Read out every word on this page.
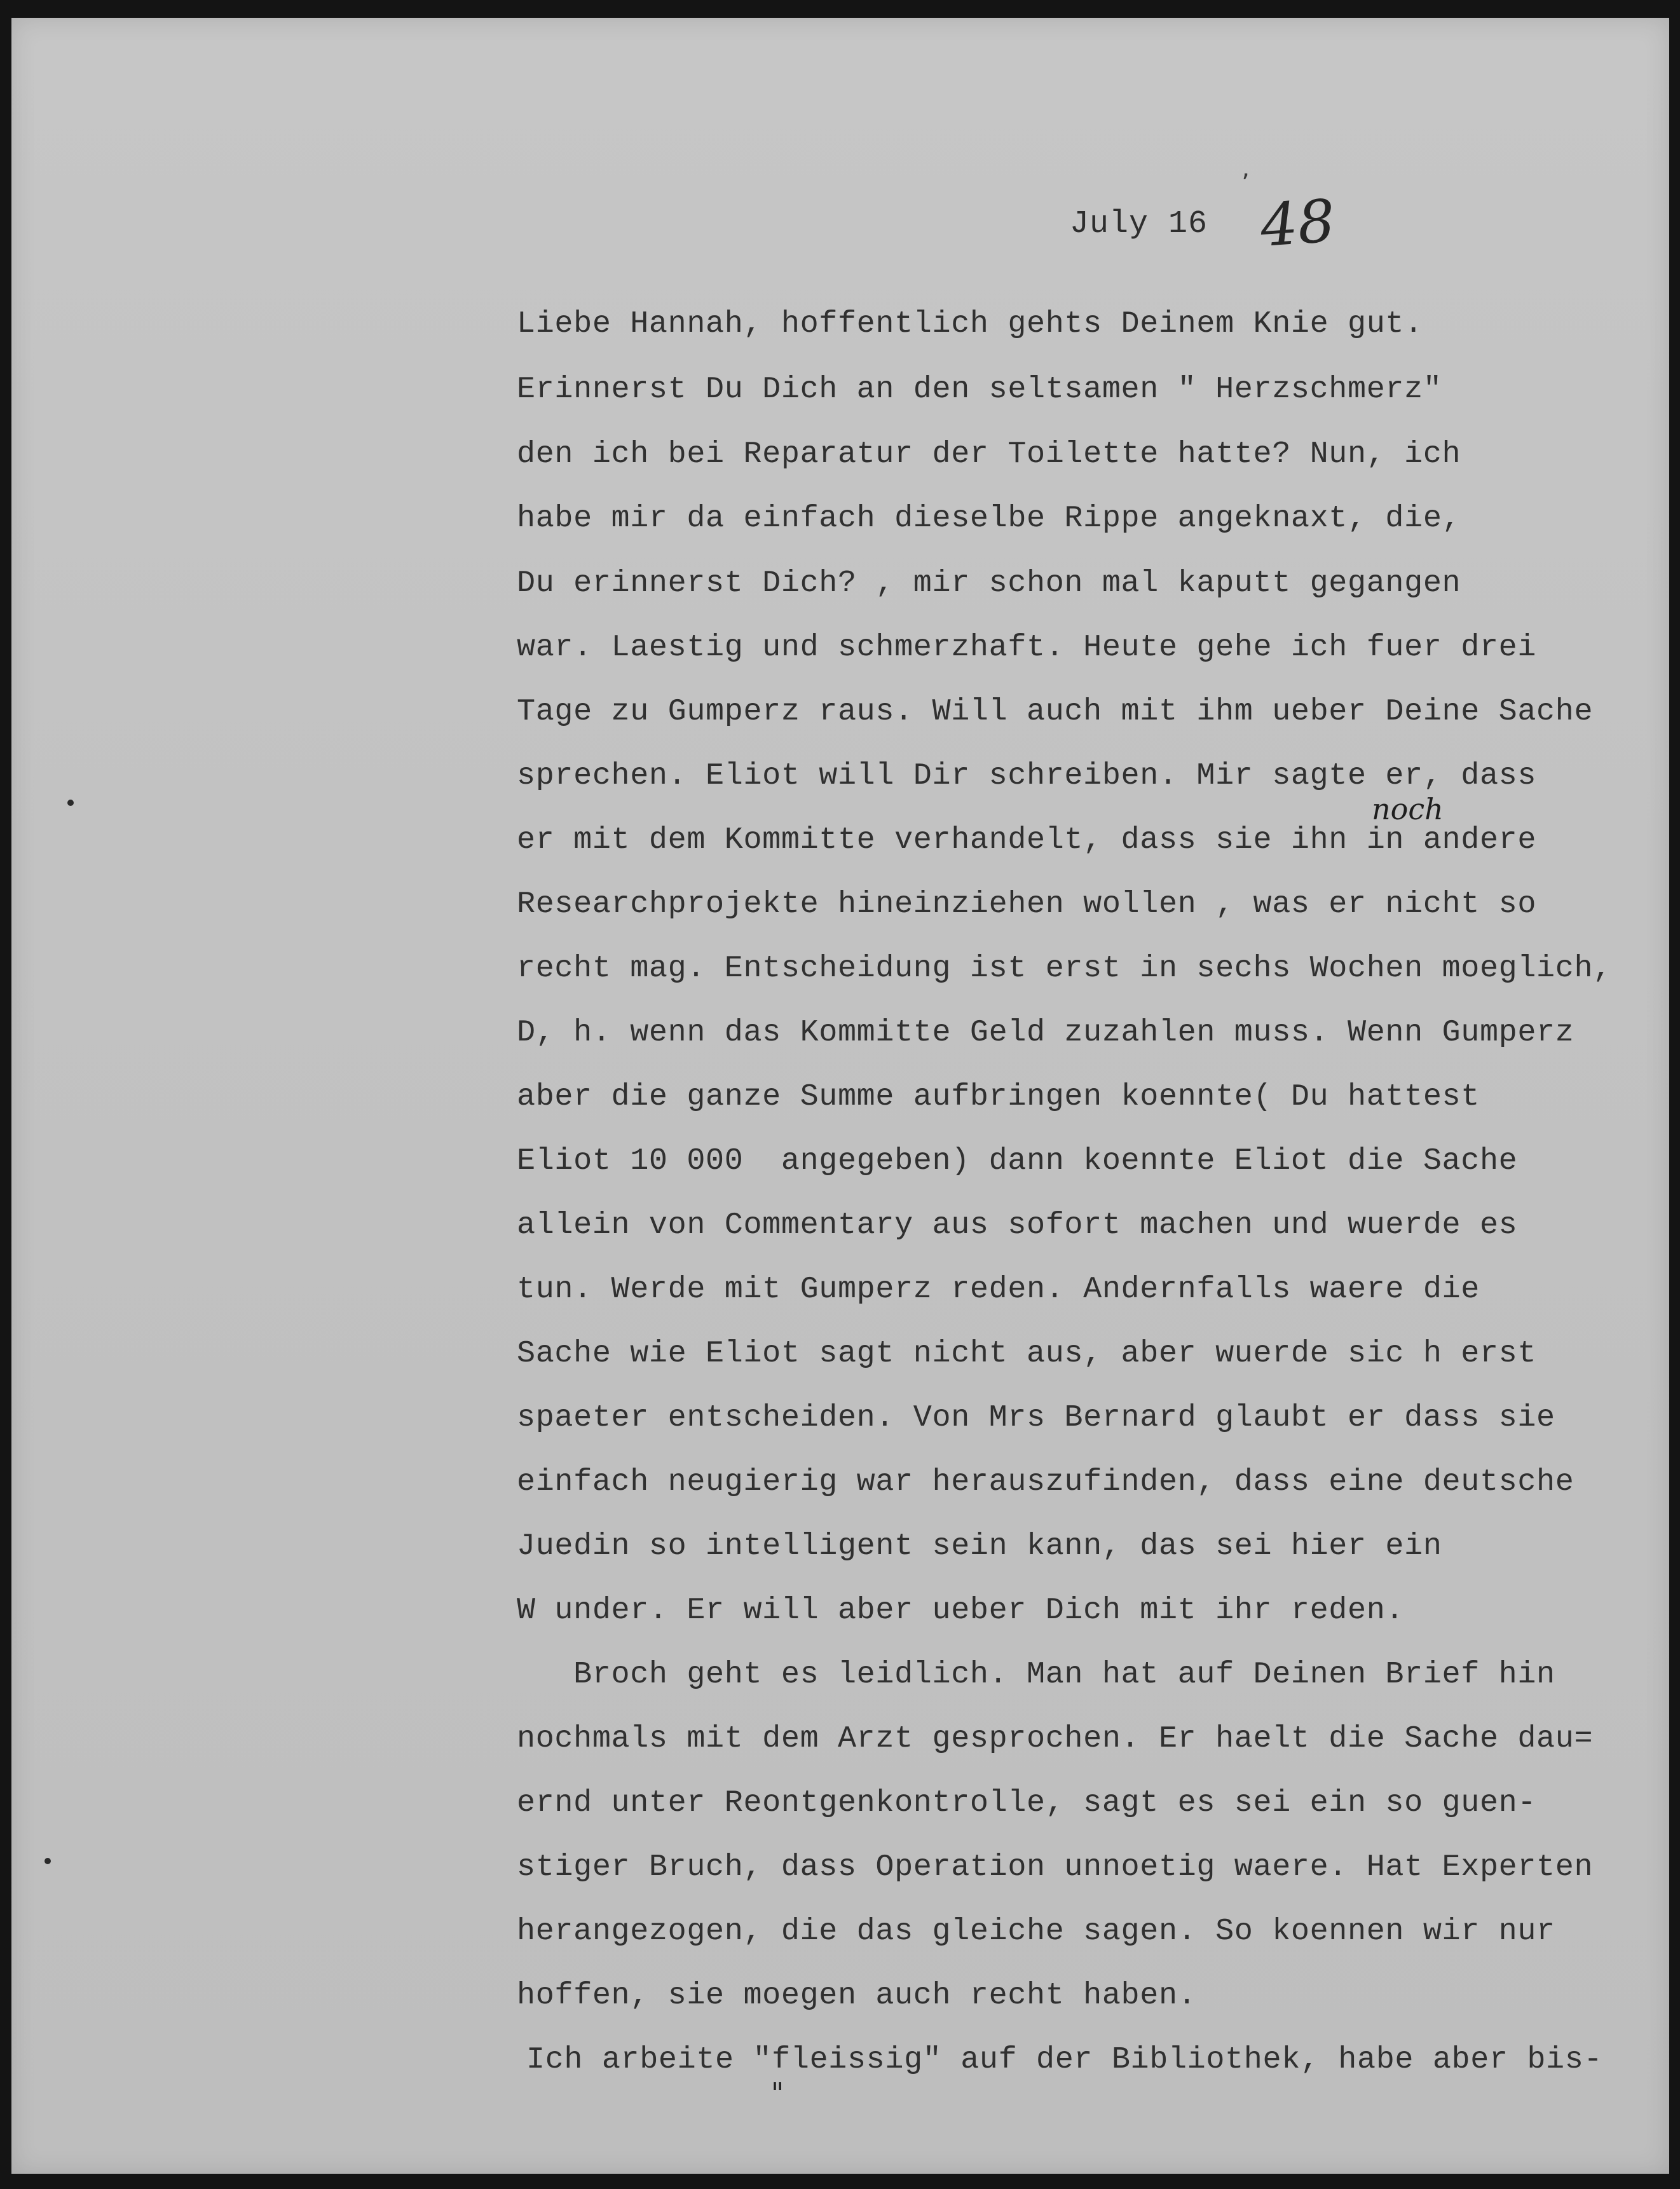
’
July 16 48
Liebe Hannah, hoffentlich gehts Deinem Knie gut.
Erinnerst Du Dich an den seltsamen " Herzschmerz"
den ich bei Reparatur der Toilette hatte? Nun, ich
habe mir da einfach dieselbe Rippe angeknaxt, die,
Du erinnerst Dich? , mir schon mal kaputt gegangen
war. Laestig und schmerzhaft. Heute gehe ich fuer drei
Tage zu Gumperz raus. Will auch mit ihm ueber Deine Sache
sprechen. Eliot will Dir schreiben. Mir sagte er, dass
er mit dem Kommitte verhandelt, dass sie ihn in andere
Researchprojekte hineinziehen wollen , was er nicht so
recht mag. Entscheidung ist erst in sechs Wochen moeglich,
D, h. wenn das Kommitte Geld zuzahlen muss. Wenn Gumperz
aber die ganze Summe aufbringen koennte( Du hattest
Eliot 10 000  angegeben) dann koennte Eliot die Sache
allein von Commentary aus sofort machen und wuerde es
tun. Werde mit Gumperz reden. Andernfalls waere die
Sache wie Eliot sagt nicht aus, aber wuerde sic h erst
spaeter entscheiden. Von Mrs Bernard glaubt er dass sie
einfach neugierig war herauszufinden, dass eine deutsche
Juedin so intelligent sein kann, das sei hier ein
W under. Er will aber ueber Dich mit ihr reden.
Broch geht es leidlich. Man hat auf Deinen Brief hin
nochmals mit dem Arzt gesprochen. Er haelt die Sache dau=
ernd unter Reontgenkontrolle, sagt es sei ein so guen-
stiger Bruch, dass Operation unnoetig waere. Hat Experten
herangezogen, die das gleiche sagen. So koennen wir nur
hoffen, sie moegen auch recht haben.
Ich arbeite "fleissig" auf der Bibliothek, habe aber bis-
noch
"
